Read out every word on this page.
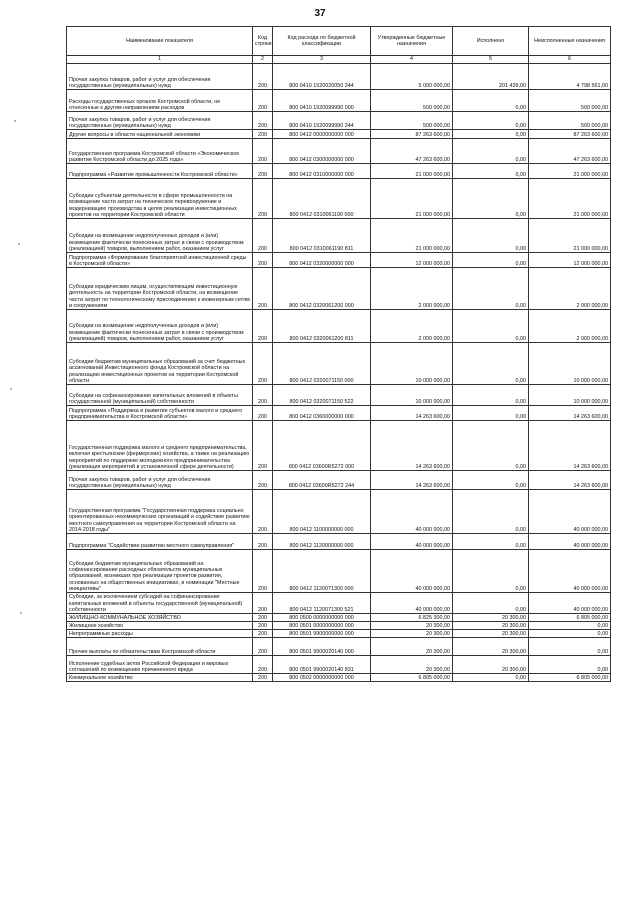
37
Наименование показателя	Код строки	Код расхода по бюджетной классификации	Утвержденные бюджетные назначения	Исполнено	Неисполненные назначения
1	2	3	4	5	6
Прочая закупка товаров, работ и услуг для обеспечения государственных (муниципальных) нужд	200	800 0410 1920020050 244	5 000 000,00	201 439,00	4 798 561,00
Расходы государственных органов Костромской области, не отнесенные к другим направлениям расходов	200	800 0410 1920099990 000	500 000,00	0,00	500 000,00
Прочая закупка товаров, работ и услуг для обеспечения государственных (муниципальных) нужд	200	800 0410 1920099990 244	500 000,00	0,00	500 000,00
Другие вопросы в области национальной экономики	200	800 0412 0000000000 000	87 263 600,00	0,00	87 263 600,00
Государственная программа Костромской области «Экономическое развитие Костромской области до 2025 года»	200	800 0412 0300000000 000	47 263 600,00	0,00	47 263 600,00
Подпрограмма «Развитие промышленности Костромской области»	200	800 0412 0310000000 000	21 000 000,00	0,00	21 000 000,00
Субсидии субъектам деятельности в сфере промышленности на возмещение части затрат на техническое перевооружение и модернизацию производства в целях реализации инвестиционных проектов на территории Костромской области	200	800 0412 0310061190 000	21 000 000,00	0,00	21 000 000,00
Субсидии на возмещение недополученных доходов и (или) возмещение фактически понесенных затрат в связи с производством (реализацией) товаров, выполнением работ, оказанием услуг	200	800 0412 0310061190 811	21 000 000,00	0,00	21 000 000,00
Подпрограмма «Формирование благоприятной инвестиционной среды в Костромской области»	200	800 0412 0320000000 000	12 000 000,00	0,00	12 000 000,00
Субсидии юридическим лицам, осуществляющим инвестиционную деятельность на территории Костромской области, на возмещение части затрат по технологическому присоединению к инженерным сетям и сооружениям	200	800 0412 0320061200 000	2 000 000,00	0,00	2 000 000,00
Субсидии на возмещение недополученных доходов и (или) возмещение фактически понесенных затрат в связи с производством (реализацией) товаров, выполнением работ, оказанием услуг	200	800 0412 0320061200 811	2 000 000,00	0,00	2 000 000,00
Субсидии бюджетам муниципальных образований за счет бюджетных ассигнований Инвестиционного фонда Костромской области на реализацию инвестиционных проектов на территории Костромской области	200	800 0412 0320071150 000	10 000 000,00	0,00	10 000 000,00
Субсидии на софинансирование капитальных вложений в объекты государственной (муниципальной) собственности	200	800 0412 0320071150 522	10 000 000,00	0,00	10 000 000,00
Подпрограмма «Поддержка и развитие субъектов малого и среднего предпринимательства в Костромской области»	200	800 0412 0360000000 000	14 263 600,00	0,00	14 263 600,00
Государственная поддержка малого и среднего предпринимательства, включая крестьянские (фермерские) хозяйства, а также на реализацию мероприятий по поддержке молодежного предпринимательства (реализация мероприятий в установленной сфере деятельности)	200	800 0412 03600R5272 000	14 263 600,00	0,00	14 263 600,00
Прочая закупка товаров, работ и услуг для обеспечения государственных (муниципальных) нужд	200	800 0412 03600R5272 244	14 263 600,00	0,00	14 263 600,00
Государственная программа "Государственная поддержка социально ориентированных некоммерческих организаций и содействие развитию местного самоуправления на территории Костромской области на 2014-2018 годы"	200	800 0412 1100000000 000	40 000 000,00	0,00	40 000 000,00
Подпрограмма "Содействие развитию местного самоуправления"	200	800 0412 1120000000 000	40 000 000,00	0,00	40 000 000,00
Субсидии бюджетам муниципальных образований на софинансирование расходных обязательств муниципальных образований, возникших при реализации проектов развития, основанных на общественных инициативах, в номинации "Местные инициативы"	200	800 0412 1120071300 000	40 000 000,00	0,00	40 000 000,00
Субсидии, за исключением субсидий на софинансирование капитальных вложений в объекты государственной (муниципальной) собственности	200	800 0412 1120071300 521	40 000 000,00	0,00	40 000 000,00
ЖИЛИЩНО-КОММУНАЛЬНОЕ ХОЗЯЙСТВО	200	800 0500 0000000000 000	6 825 300,00	20 300,00	6 805 000,00
Жилищное хозяйство	200	800 0501 0000000000 000	20 300,00	20 300,00	0,00
Непрограммные расходы	200	800 0501 9900000000 000	20 300,00	20 300,00	0,00
Прочие выплаты по обязательствам Костромской области	200	800 0501 9900020140 000	20 300,00	20 300,00	0,00
Исполнение судебных актов Российской Федерации и мировых соглашений по возмещению причиненного вреда	200	800 0501 9900020140 831	20 300,00	20 300,00	0,00
Коммунальное хозяйство	200	800 0502 0000000000 000	6 805 000,00	0,00	6 805 000,00
